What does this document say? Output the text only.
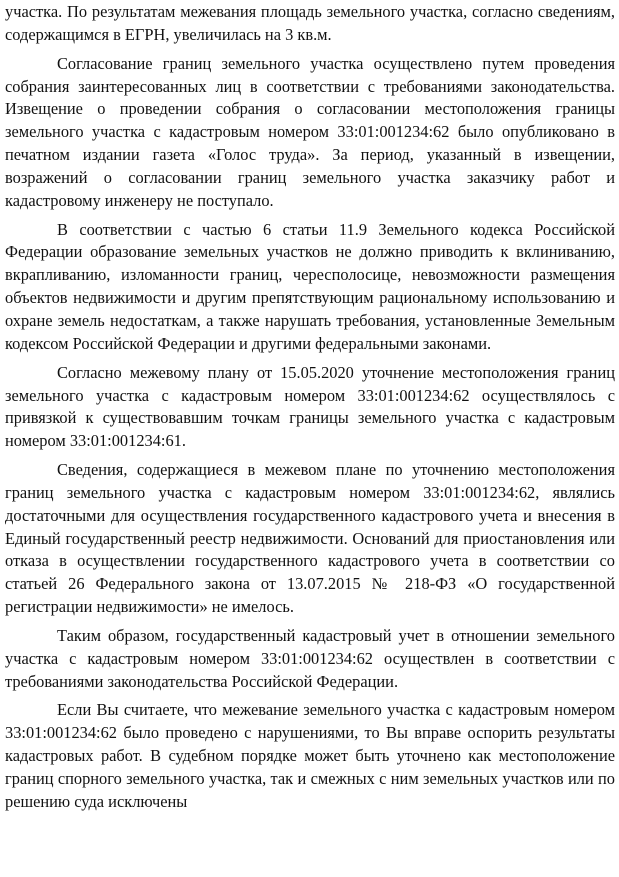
участка. По результатам межевания площадь земельного участка, согласно сведениям, содержащимся в ЕГРН, увеличилась на 3 кв.м.

Согласование границ земельного участка осуществлено путем проведения собрания заинтересованных лиц в соответствии с требованиями законодательства. Извещение о проведении собрания о согласовании местоположения границы земельного участка с кадастровым номером 33:01:001234:62 было опубликовано в печатном издании газета «Голос труда». За период, указанный в извещении, возражений о согласовании границ земельного участка заказчику работ и кадастровому инженеру не поступало.

В соответствии с частью 6 статьи 11.9 Земельного кодекса Российской Федерации образование земельных участков не должно приводить к вклиниванию, вкрапливанию, изломанности границ, чересполосице, невозможности размещения объектов недвижимости и другим препятствующим рациональному использованию и охране земель недостаткам, а также нарушать требования, установленные Земельным кодексом Российской Федерации и другими федеральными законами.

Согласно межевому плану от 15.05.2020 уточнение местоположения границ земельного участка с кадастровым номером 33:01:001234:62 осуществлялось с привязкой к существовавшим точкам границы земельного участка с кадастровым номером 33:01:001234:61.

Сведения, содержащиеся в межевом плане по уточнению местоположения границ земельного участка с кадастровым номером 33:01:001234:62, являлись достаточными для осуществления государственного кадастрового учета и внесения в Единый государственный реестр недвижимости. Оснований для приостановления или отказа в осуществлении государственного кадастрового учета в соответствии со статьей 26 Федерального закона от 13.07.2015 № 218-ФЗ «О государственной регистрации недвижимости» не имелось.

Таким образом, государственный кадастровый учет в отношении земельного участка с кадастровым номером 33:01:001234:62 осуществлен в соответствии с требованиями законодательства Российской Федерации.

Если Вы считаете, что межевание земельного участка с кадастровым номером 33:01:001234:62 было проведено с нарушениями, то Вы вправе оспорить результаты кадастровых работ. В судебном порядке может быть уточнено как местоположение границ спорного земельного участка, так и смежных с ним земельных участков или по решению суда исключены
